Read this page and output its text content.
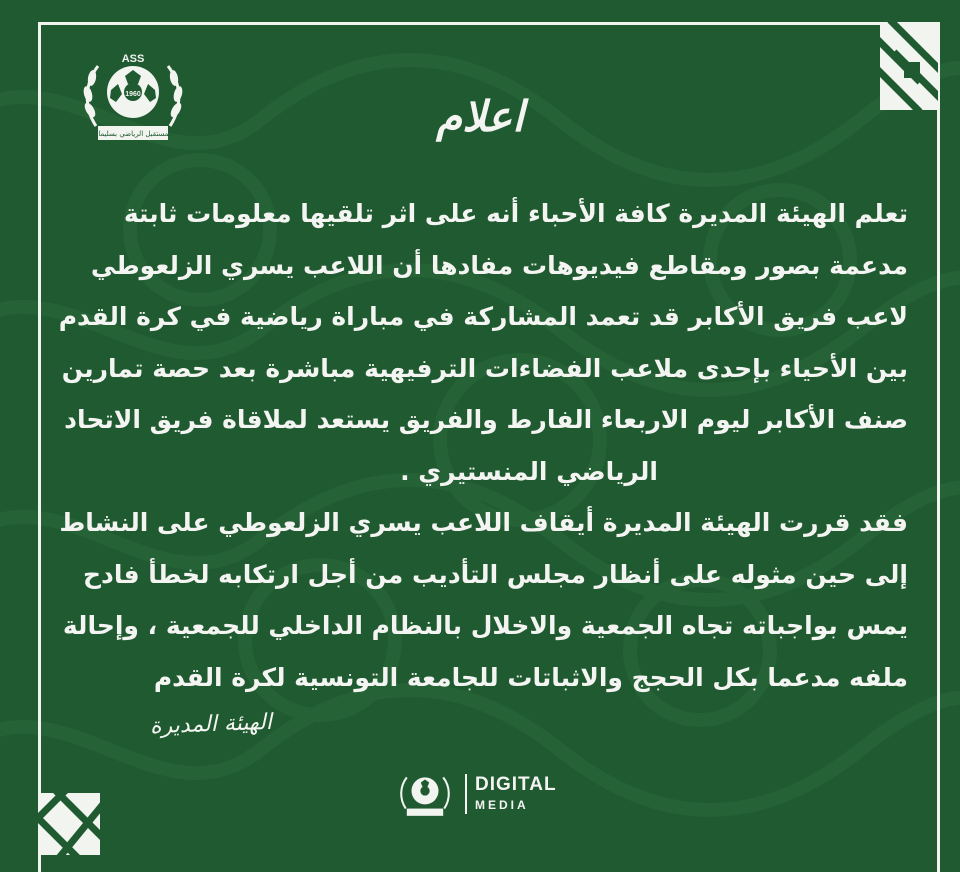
ASS
1960
المستقبل الرياضي بسليمان	اعلام
تعلم الهيئة المديرة كافة الأحباء أنه على اثر تلقيها معلومات ثابتة
مدعمة بصور ومقاطع فيديوهات مفادها أن اللاعب يسري الزلعوطي
لاعب فريق الأكابر قد تعمد المشاركة في مباراة رياضية في كرة القدم
بين الأحياء بإحدى ملاعب الفضاءات الترفيهية مباشرة بعد حصة تمارين
صنف الأكابر ليوم الاربعاء الفارط والفريق يستعد لملاقاة فريق الاتحاد
الرياضي المنستيري .
فقد قررت الهيئة المديرة أيقاف اللاعب يسري الزلعوطي على النشاط
إلى حين مثوله على أنظار مجلس التأديب من أجل ارتكابه لخطأ فادح
يمس بواجباته تجاه الجمعية والاخلال بالنظام الداخلي للجمعية ، وإحالة
ملفه مدعما بكل الحجج والاثباتات للجامعة التونسية لكرة القدم
الهيئة المديرة
DIGITAL
MEDIA
